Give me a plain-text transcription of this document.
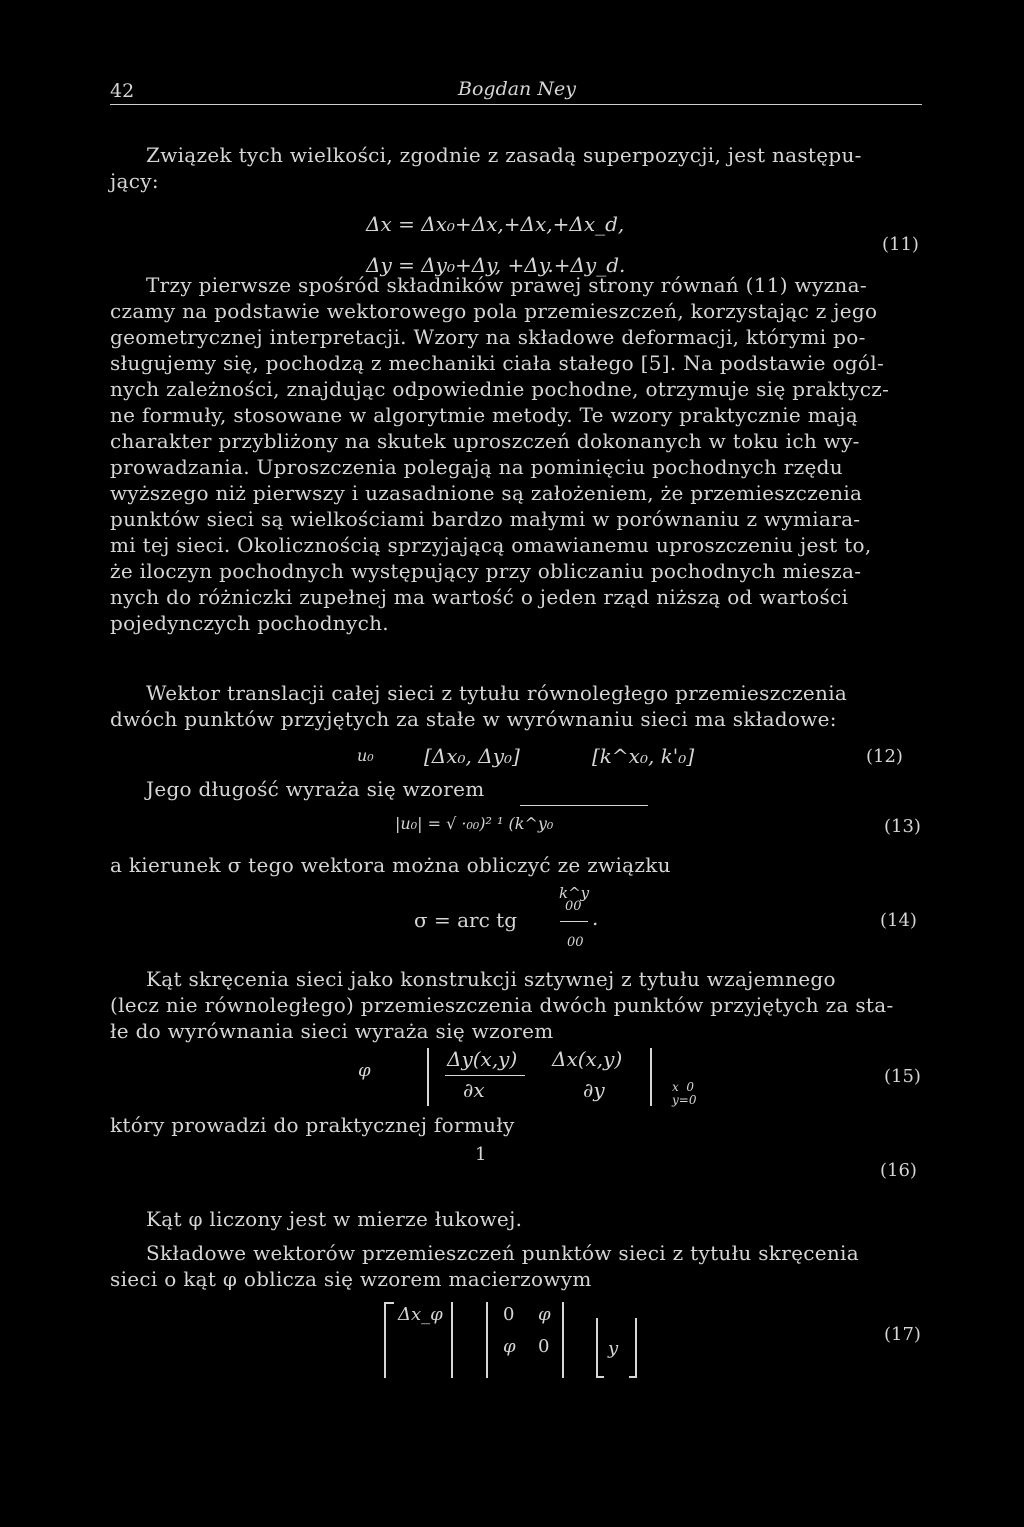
42	Bogdan Ney

Związek tych wielkości, zgodnie z zasadą superpozycji, jest następu-
jący:

Δx = Δx₀+Δx,+Δx,+Δx_d,
Δy = Δy₀+Δy, +Δy.+Δy_d.
(11)

Trzy pierwsze spośród składników prawej strony równań (11) wyzna-
czamy na podstawie wektorowego pola przemieszczeń, korzystając z jego
geometrycznej interpretacji. Wzory na składowe deformacji, którymi po-
sługujemy się, pochodzą z mechaniki ciała stałego [5]. Na podstawie ogól-
nych zależności, znajdując odpowiednie pochodne, otrzymuje się praktycz-
ne formuły, stosowane w algorytmie metody. Te wzory praktycznie mają
charakter przybliżony na skutek uproszczeń dokonanych w toku ich wy-
prowadzania. Uproszczenia polegają na pominięciu pochodnych rzędu
wyższego niż pierwszy i uzasadnione są założeniem, że przemieszczenia
punktów sieci są wielkościami bardzo małymi w porównaniu z wymiara-
mi tej sieci. Okolicznością sprzyjającą omawianemu uproszczeniu jest to,
że iloczyn pochodnych występujący przy obliczaniu pochodnych miesza-
nych do różniczki zupełnej ma wartość o jeden rząd niższą od wartości
pojedynczych pochodnych.

Wektor translacji całej sieci z tytułu równoległego przemieszczenia
dwóch punktów przyjętych za stałe w wyrównaniu sieci ma składowe:

u₀	[Δx₀, Δy₀]	[k^x₀, k'₀]	(12)
Jego długość wyraża się wzorem
|u₀| = √ ·₀₀)² ¹ (k^y₀	(13)
a kierunek σ tego wektora można obliczyć ze związku
k^y
00
σ = arc tg	.
00
(14)

Kąt skręcenia sieci jako konstrukcji sztywnej z tytułu wzajemnego
(lecz nie równoległego) przemieszczenia dwóch punktów przyjętych za sta-
łe do wyrównania sieci wyraża się wzorem

φ	Δy(x,y)
∂x
Δx(x,y)
∂y	x  0
y=0
(15)
który prowadzi do praktycznej formuły
1
(16)
Kąt φ liczony jest w mierze łukowej.

Składowe wektorów przemieszczeń punktów sieci z tytułu skręcenia
sieci o kąt φ oblicza się wzorem macierzowym

Δx_φ	0 φ
φ 0	y
(17)
